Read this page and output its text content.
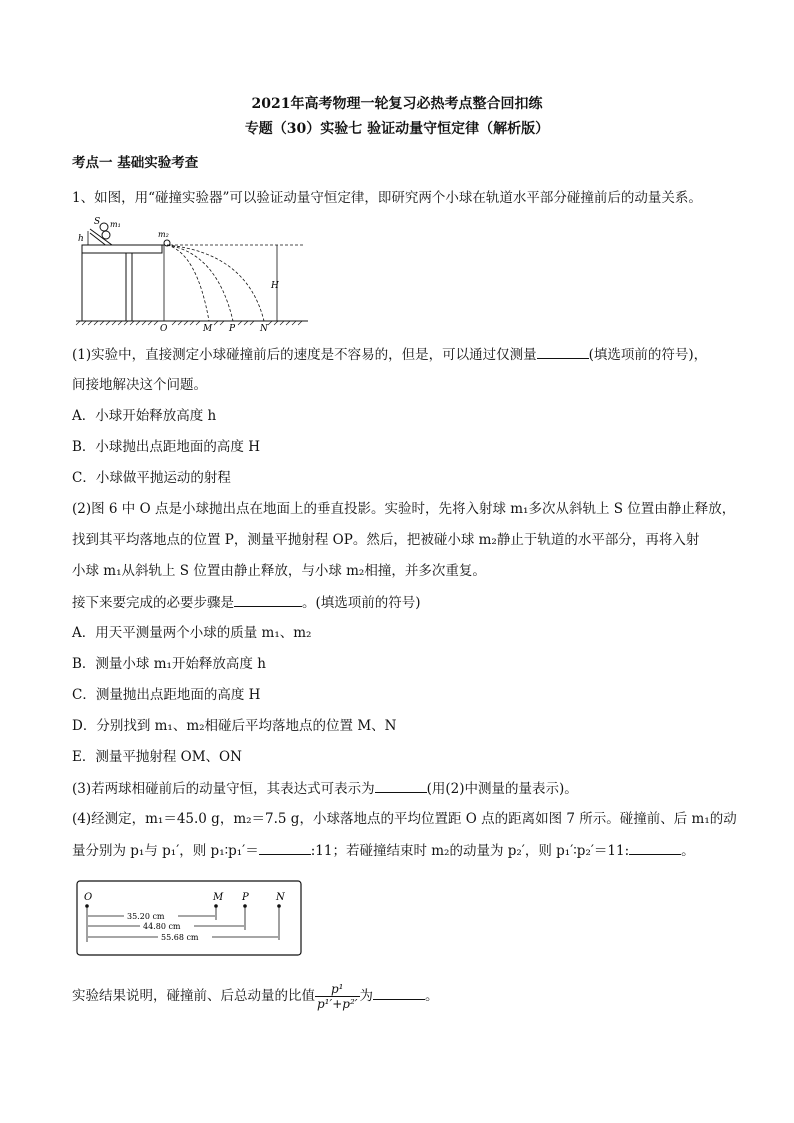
2021年高考物理一轮复习必热考点整合回扣练
专题（30）实验七 验证动量守恒定律（解析版）
考点一 基础实验考查
1、如图，用“碰撞实验器”可以验证动量守恒定律，即研究两个小球在轨道水平部分碰撞前后的动量关系。
S m₁
h	m₂
H
O	M P	N
(1)实验中，直接测定小球碰撞前后的速度是不容易的，但是，可以通过仅测量	(填选项前的符号)，
间接地解决这个问题。
A．小球开始释放高度 h
B．小球抛出点距地面的高度 H
C．小球做平抛运动的射程
(2)图 6 中 O 点是小球抛出点在地面上的垂直投影。实验时，先将入射球 m₁多次从斜轨上 S 位置由静止释放，
找到其平均落地点的位置 P，测量平抛射程 OP。然后，把被碰小球 m₂静止于轨道的水平部分，再将入射
小球 m₁从斜轨上 S 位置由静止释放，与小球 m₂相撞，并多次重复。
接下来要完成的必要步骤是	。(填选项前的符号)
A．用天平测量两个小球的质量 m₁、m₂
B．测量小球 m₁开始释放高度 h
C．测量抛出点距地面的高度 H
D．分别找到 m₁、m₂相碰后平均落地点的位置 M、N
E．测量平抛射程 OM、ON
(3)若两球相碰前后的动量守恒，其表达式可表示为	(用(2)中测量的量表示)。
(4)经测定，m₁＝45.0 g，m₂＝7.5 g，小球落地点的平均位置距 O 点的距离如图 7 所示。碰撞前、后 m₁的动
量分别为 p₁与 p₁′，则 p₁∶p₁′＝	:11；若碰撞结束时 m₂的动量为 p₂′，则 p₁′∶p₂′＝11:	。
O	M P	N
35.20 cm
44.80 cm
55.68 cm
实验结果说明，碰撞前、后总动量的比值 $\frac{\text{p¹}}{\text{p¹′+p²′}}$ 为	。
